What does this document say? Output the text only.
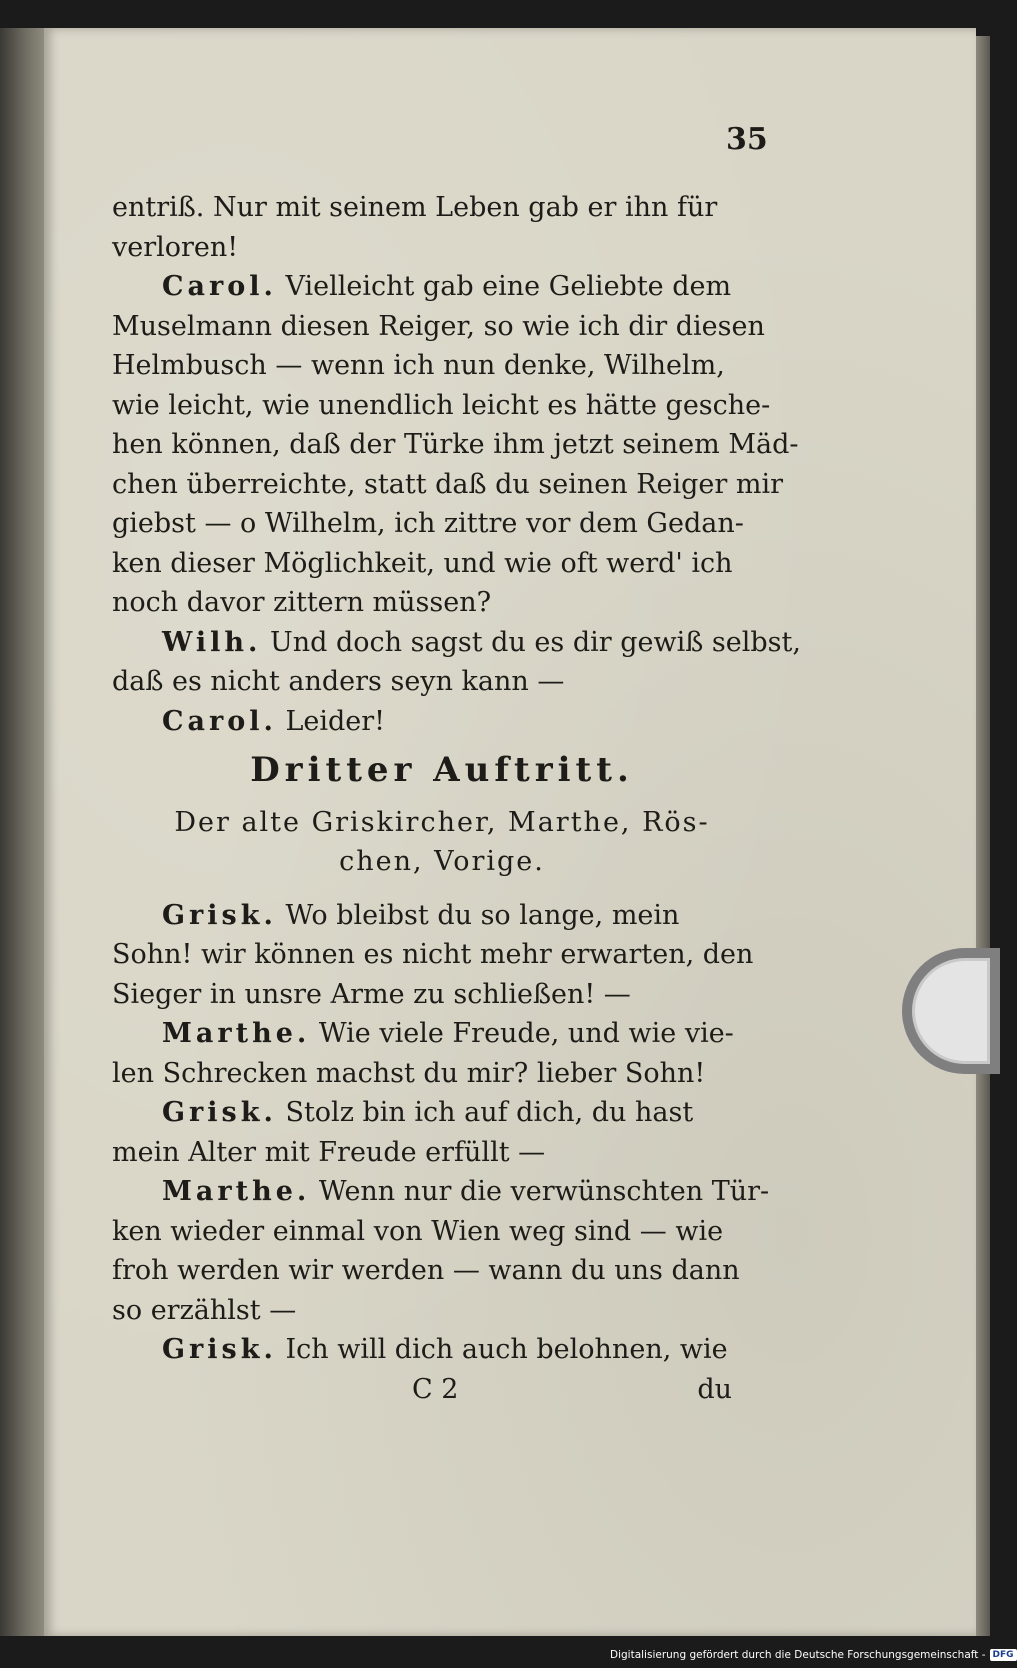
35
entriß. Nur mit seinem Leben gab er ihn für
verloren!
Carol. Vielleicht gab eine Geliebte dem
Muselmann diesen Reiger, so wie ich dir diesen
Helmbusch — wenn ich nun denke, Wilhelm,
wie leicht, wie unendlich leicht es hätte gesche-
hen können, daß der Türke ihm jetzt seinem Mäd-
chen überreichte, statt daß du seinen Reiger mir
giebst — o Wilhelm, ich zittre vor dem Gedan-
ken dieser Möglichkeit, und wie oft werd' ich
noch davor zittern müssen?
Wilh. Und doch sagst du es dir gewiß selbst,
daß es nicht anders seyn kann —
Carol. Leider!
Dritter Auftritt.
Der alte Griskircher, Marthe, Rös-
chen, Vorige.
Grisk. Wo bleibst du so lange, mein
Sohn! wir können es nicht mehr erwarten, den
Sieger in unsre Arme zu schließen! —
Marthe. Wie viele Freude, und wie vie-
len Schrecken machst du mir? lieber Sohn!
Grisk. Stolz bin ich auf dich, du hast
mein Alter mit Freude erfüllt —
Marthe. Wenn nur die verwünschten Tür-
ken wieder einmal von Wien weg sind — wie
froh werden wir werden — wann du uns dann
so erzählst —
Grisk. Ich will dich auch belohnen, wie
C 2	du
Digitalisierung gefördert durch die Deutsche Forschungsgemeinschaft - DFG
